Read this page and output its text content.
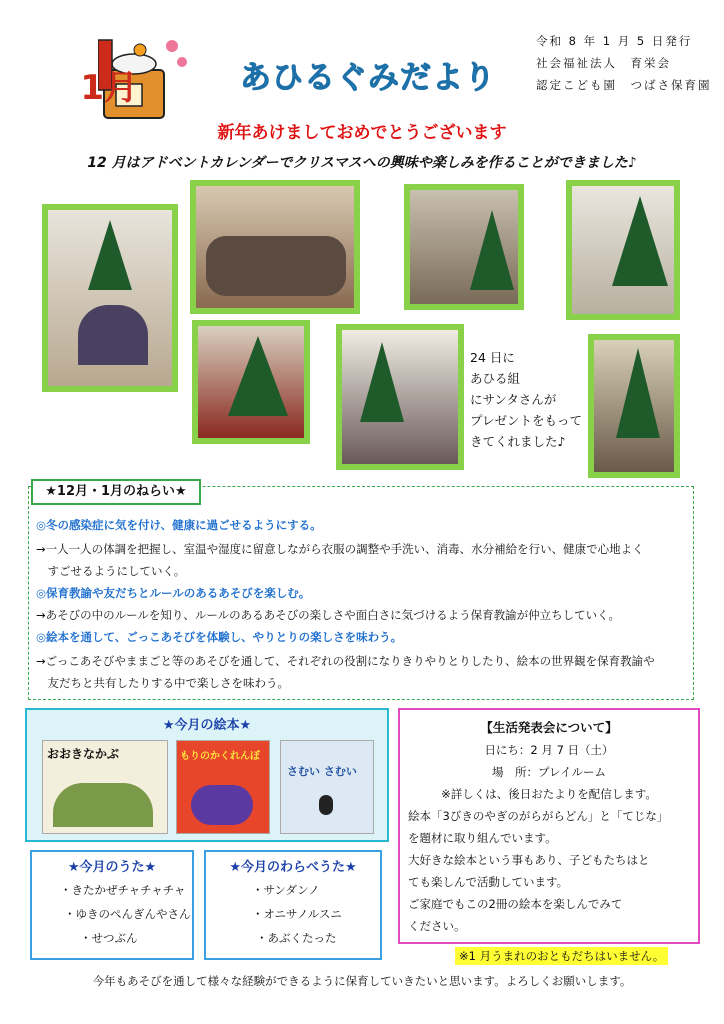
1月	あひるぐみだより
令和 8 年 1 月 5 日発行
社会福祉法人　育栄会
認定こども園　つばさ保育園
新年あけましておめでとうございます
12 月はアドベントカレンダーでクリスマスへの興味や楽しみを作ることができました♪
24 日に
あひる組
にサンタさんが
プレゼントをもって
きてくれました♪
★12月・1月のねらい★
◎冬の感染症に気を付け、健康に過ごせるようにする。
→一人一人の体調を把握し、室温や湿度に留意しながら衣服の調整や手洗い、消毒、水分補給を行い、健康で心地よく
　すごせるようにしていく。
◎保育教諭や友だちとルールのあるあそびを楽しむ。
→あそびの中のルールを知り、ルールのあるあそびの楽しさや面白さに気づけるよう保育教諭が仲立ちしていく。
◎絵本を通して、ごっこあそびを体験し、やりとりの楽しさを味わう。
→ごっこあそびやままごと等のあそびを通して、それぞれの役割になりきりやりとりしたり、絵本の世界観を保育教諭や
　友だちと共有したりする中で楽しさを味わう。
★今月の絵本★
おおきなかぶ	もりのかくれんぼ
さむい さむい
★今月のうた★
・きたかぜチャチャチャ
・ゆきのぺんぎんやさん
・せつぶん
★今月のわらべうた★
・サンダンノ
・オニサノルスニ
・あぶくたった
【生活発表会について】
日にち：2 月 7 日（土）
場　所：プレイルーム
※詳しくは、後日おたよりを配信します。
絵本「3びきのやぎのがらがらどん」と「てじな」
を題材に取り組んでいます。
大好きな絵本という事もあり、子どもたちはと
ても楽しんで活動しています。
ご家庭でもこの2冊の絵本を楽しんでみて
ください。
※1 月うまれのおともだちはいません。
今年もあそびを通して様々な経験ができるように保育していきたいと思います。よろしくお願いします。
